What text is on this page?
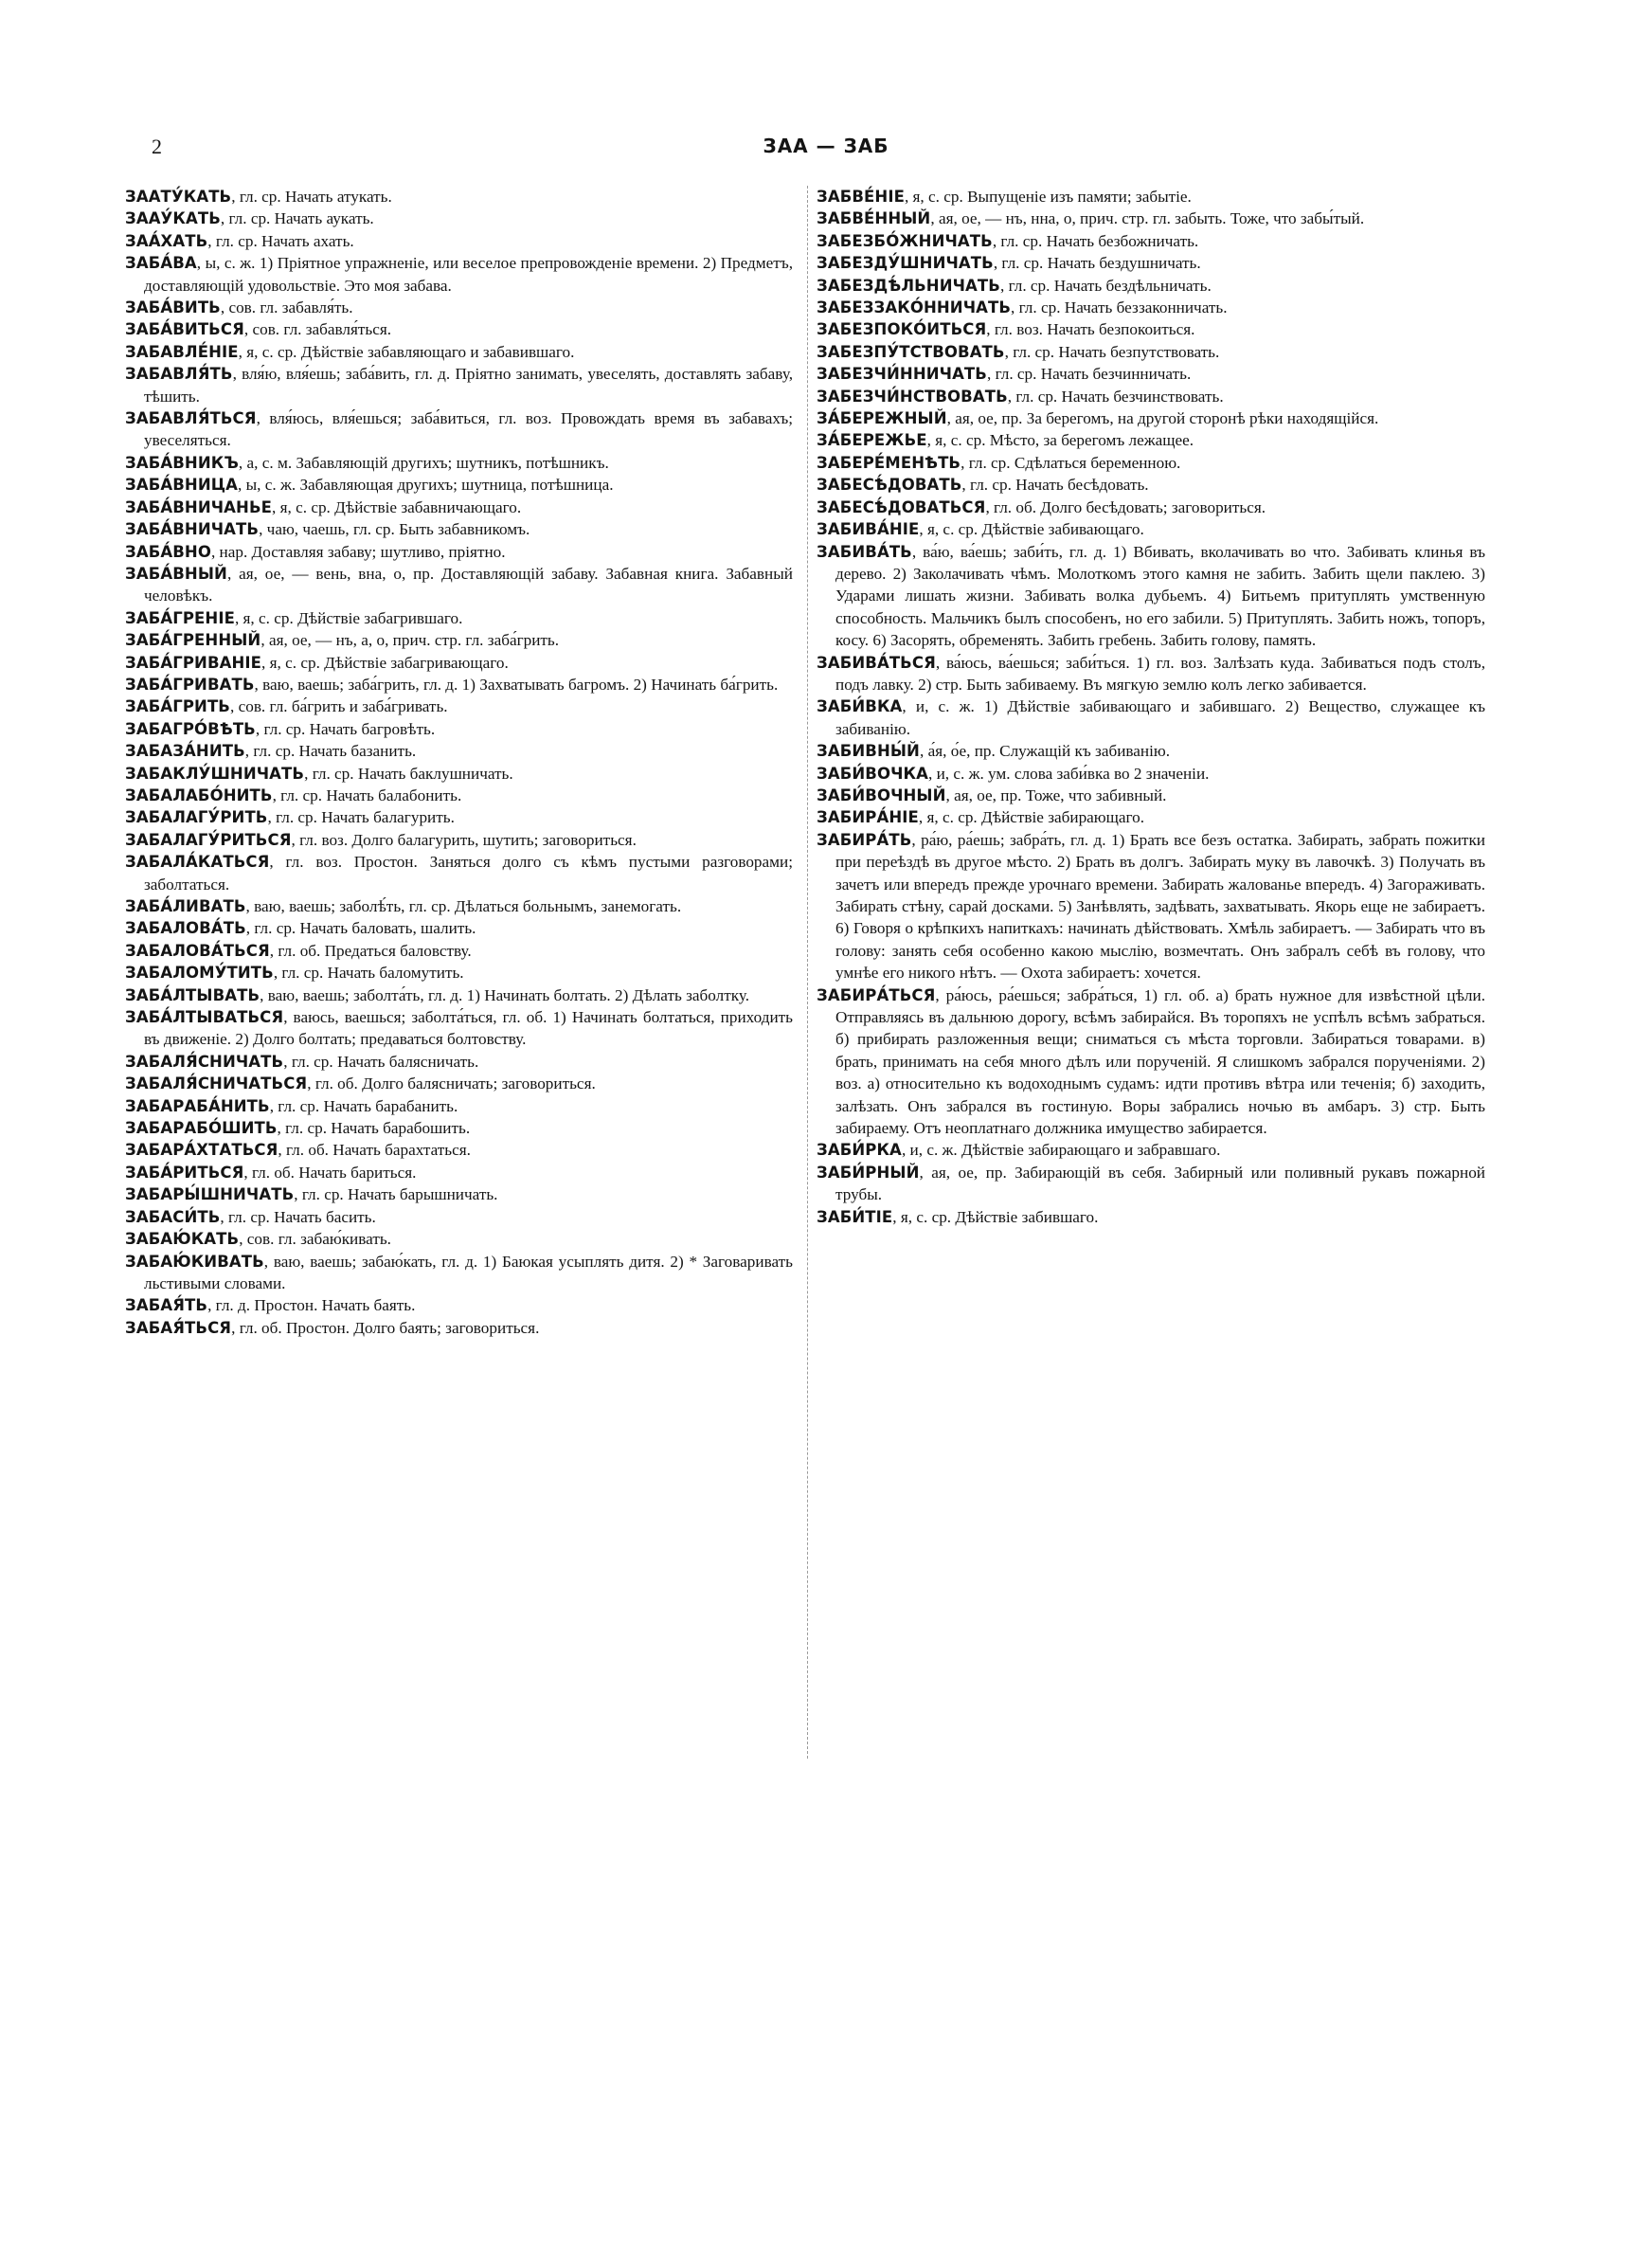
2	ЗАА — ЗАБ

ЗААТУ́КАТЬ, гл. ср. Начать атукать.

ЗААУ́КАТЬ, гл. ср. Начать аукать.

ЗАА́ХАТЬ, гл. ср. Начать ахать.

ЗАБА́ВА, ы, с. ж. 1) Пріятное упражненіе, или веселое препровожденіе времени. 2) Предметъ, доставляющій удовольствіе. Это моя забава.

ЗАБА́ВИТЬ, сов. гл. забавля́ть.

ЗАБА́ВИТЬСЯ, сов. гл. забавля́ться.

ЗАБАВЛЕ́НІЕ, я, с. ср. Дѣйствіе забавляющаго и забавившаго.

ЗАБАВЛЯ́ТЬ, вля́ю, вля́ешь; заба́вить, гл. д. Пріятно занимать, увеселять, доставлять забаву, тѣшить.

ЗАБАВЛЯ́ТЬСЯ, вля́юсь, вля́ешься; заба́виться, гл. воз. Провождать время въ забавахъ; увеселяться.

ЗАБА́ВНИКЪ, а, с. м. Забавляющій другихъ; шутникъ, потѣшникъ.

ЗАБА́ВНИЦА, ы, с. ж. Забавляющая другихъ; шутница, потѣшница.

ЗАБА́ВНИЧАНЬЕ, я, с. ср. Дѣйствіе забавничающаго.

ЗАБА́ВНИЧАТЬ, чаю, чаешь, гл. ср. Быть забавникомъ.

ЗАБА́ВНО, нар. Доставляя забаву; шутливо, пріятно.

ЗАБА́ВНЫЙ, ая, ое, — вень, вна, о, пр. Доставляющій забаву. Забавная книга. Забавный человѣкъ.

ЗАБА́ГРЕНІЕ, я, с. ср. Дѣйствіе забагрившаго.

ЗАБА́ГРЕННЫЙ, ая, ое, — нъ, а, о, прич. стр. гл. заба́грить.

ЗАБА́ГРИВАНІЕ, я, с. ср. Дѣйствіе забагривающаго.

ЗАБА́ГРИВАТЬ, ваю, ваешь; заба́грить, гл. д. 1) Захватывать багромъ. 2) Начинать ба́грить.

ЗАБА́ГРИТЬ, сов. гл. ба́грить и заба́гривать.

ЗАБАГРО́ВѢТЬ, гл. ср. Начать багровѣть.

ЗАБАЗА́НИТЬ, гл. ср. Начать базанить.

ЗАБАКЛУ́ШНИЧАТЬ, гл. ср. Начать баклушничать.

ЗАБАЛАБО́НИТЬ, гл. ср. Начать балабонить.

ЗАБАЛАГУ́РИТЬ, гл. ср. Начать балагурить.

ЗАБАЛАГУ́РИТЬСЯ, гл. воз. Долго балагурить, шутить; заговориться.

ЗАБАЛА́КАТЬСЯ, гл. воз. Простон. Заняться долго съ кѣмъ пустыми разговорами; заболтаться.

ЗАБА́ЛИВАТЬ, ваю, ваешь; заболѣ́ть, гл. ср. Дѣлаться больнымъ, занемогать.

ЗАБАЛОВА́ТЬ, гл. ср. Начать баловать, шалить.

ЗАБАЛОВА́ТЬСЯ, гл. об. Предаться баловству.

ЗАБАЛОМУ́ТИТЬ, гл. ср. Начать баломутить.

ЗАБА́ЛТЫВАТЬ, ваю, ваешь; заболта́ть, гл. д. 1) Начинать болтать. 2) Дѣлать заболтку.

ЗАБА́ЛТЫВАТЬСЯ, ваюсь, ваешься; заболта́ться, гл. об. 1) Начинать болтаться, приходить въ движеніе. 2) Долго болтать; предаваться болтовству.

ЗАБАЛЯ́СНИЧАТЬ, гл. ср. Начать балясничать.

ЗАБАЛЯ́СНИЧАТЬСЯ, гл. об. Долго балясничать; заговориться.

ЗАБАРАБА́НИТЬ, гл. ср. Начать барабанить.

ЗАБАРАБО́ШИТЬ, гл. ср. Начать барабошить.

ЗАБАРА́ХТАТЬСЯ, гл. об. Начать барахтаться.

ЗАБА́РИТЬСЯ, гл. об. Начать бариться.

ЗАБАРЫ́ШНИЧАТЬ, гл. ср. Начать барышничать.

ЗАБАСИ́ТЬ, гл. ср. Начать басить.

ЗАБАЮ́КАТЬ, сов. гл. забаю́кивать.

ЗАБАЮ́КИВАТЬ, ваю, ваешь; забаю́кать, гл. д. 1) Баюкая усыплять дитя. 2) * Заговаривать льстивыми словами.

ЗАБАЯ́ТЬ, гл. д. Простон. Начать баять.

ЗАБАЯ́ТЬСЯ, гл. об. Простон. Долго баять; заговориться.

ЗАБВЕ́НІЕ, я, с. ср. Выпущеніе изъ памяти; забытіе.

ЗАБВЕ́ННЫЙ, ая, ое, — нъ, нна, о, прич. стр. гл. забыть. Тоже, что забы́тый.

ЗАБЕЗБО́ЖНИЧАТЬ, гл. ср. Начать безбожничать.

ЗАБЕЗДУ́ШНИЧАТЬ, гл. ср. Начать бездушничать.

ЗАБЕЗДѢ́ЛЬНИЧАТЬ, гл. ср. Начать бездѣльничать.

ЗАБЕЗЗАКО́ННИЧАТЬ, гл. ср. Начать беззаконничать.

ЗАБЕЗПОКО́ИТЬСЯ, гл. воз. Начать безпокоиться.

ЗАБЕЗПУ́ТСТВОВАТЬ, гл. ср. Начать безпутствовать.

ЗАБЕЗЧИ́ННИЧАТЬ, гл. ср. Начать безчинничать.

ЗАБЕЗЧИ́НСТВОВАТЬ, гл. ср. Начать безчинствовать.

ЗА́БЕРЕЖНЫЙ, ая, ое, пр. За берегомъ, на другой сторонѣ рѣки находящійся.

ЗА́БЕРЕЖЬЕ, я, с. ср. Мѣсто, за берегомъ лежащее.

ЗАБЕРЕ́МЕНѢТЬ, гл. ср. Сдѣлаться беременною.

ЗАБЕСѢ́ДОВАТЬ, гл. ср. Начать бесѣдовать.

ЗАБЕСѢ́ДОВАТЬСЯ, гл. об. Долго бесѣдовать; заговориться.

ЗАБИВА́НІЕ, я, с. ср. Дѣйствіе забивающаго.

ЗАБИВА́ТЬ, ва́ю, ва́ешь; заби́ть, гл. д. 1) Вбивать, вколачивать во что. Забивать клинья въ дерево. 2) Заколачивать чѣмъ. Молоткомъ этого камня не забить. Забить щели паклею. 3) Ударами лишать жизни. Забивать волка дубьемъ. 4) Битьемъ притуплять умственную способность. Мальчикъ былъ способенъ, но его забили. 5) Притуплять. Забить ножъ, топоръ, косу. 6) Засорять, обременять. Забить гребень. Забить голову, память.

ЗАБИВА́ТЬСЯ, ва́юсь, ва́ешься; заби́ться. 1) гл. воз. Залѣзать куда. Забиваться подъ столъ, подъ лавку. 2) стр. Быть забиваему. Въ мягкую землю колъ легко забивается.

ЗАБИ́ВКА, и, с. ж. 1) Дѣйствіе забивающаго и забившаго. 2) Вещество, служащее къ забиванію.

ЗАБИВНЫ́Й, а́я, о́е, пр. Служащій къ забиванію.

ЗАБИ́ВОЧКА, и, с. ж. ум. слова заби́вка во 2 значеніи.

ЗАБИ́ВОЧНЫЙ, ая, ое, пр. Тоже, что забивный.

ЗАБИРА́НІЕ, я, с. ср. Дѣйствіе забирающаго.

ЗАБИРА́ТЬ, ра́ю, ра́ешь; забра́ть, гл. д. 1) Брать все безъ остатка. Забирать, забрать пожитки при переѣздѣ въ другое мѣсто. 2) Брать въ долгъ. Забирать муку въ лавочкѣ. 3) Получать въ зачетъ или впередъ прежде урочнаго времени. Забирать жалованье впередъ. 4) Загораживать. Забирать стѣну, сарай досками. 5) Занѣвлять, задѣвать, захватывать. Якорь еще не забираетъ. 6) Говоря о крѣпкихъ напиткахъ: начинать дѣйствовать. Хмѣль забираетъ. — Забирать что въ голову: занять себя особенно какою мыслію, возмечтать. Онъ забралъ себѣ въ голову, что умнѣе его никого нѣтъ. — Охота забираетъ: хочется.

ЗАБИРА́ТЬСЯ, ра́юсь, ра́ешься; забра́ться, 1) гл. об. а) брать нужное для извѣстной цѣли. Отправляясь въ дальнюю дорогу, всѣмъ забирайся. Въ торопяхъ не успѣлъ всѣмъ забраться. б) прибирать разложенныя вещи; сниматься съ мѣста торговли. Забираться товарами. в) брать, принимать на себя много дѣлъ или порученій. Я слишкомъ забрался порученіями. 2) воз. а) относительно къ водоходнымъ судамъ: идти противъ вѣтра или теченія; б) заходить, залѣзать. Онъ забрался въ гостиную. Воры забрались ночью въ амбаръ. 3) стр. Быть забираему. Отъ неоплатнаго должника имущество забирается.

ЗАБИ́РКА, и, с. ж. Дѣйствіе забирающаго и забравшаго.

ЗАБИ́РНЫЙ, ая, ое, пр. Забирающій въ себя. Забирный или поливный рукавъ пожарной трубы.

ЗАБИ́ТІЕ, я, с. ср. Дѣйствіе забившаго.
